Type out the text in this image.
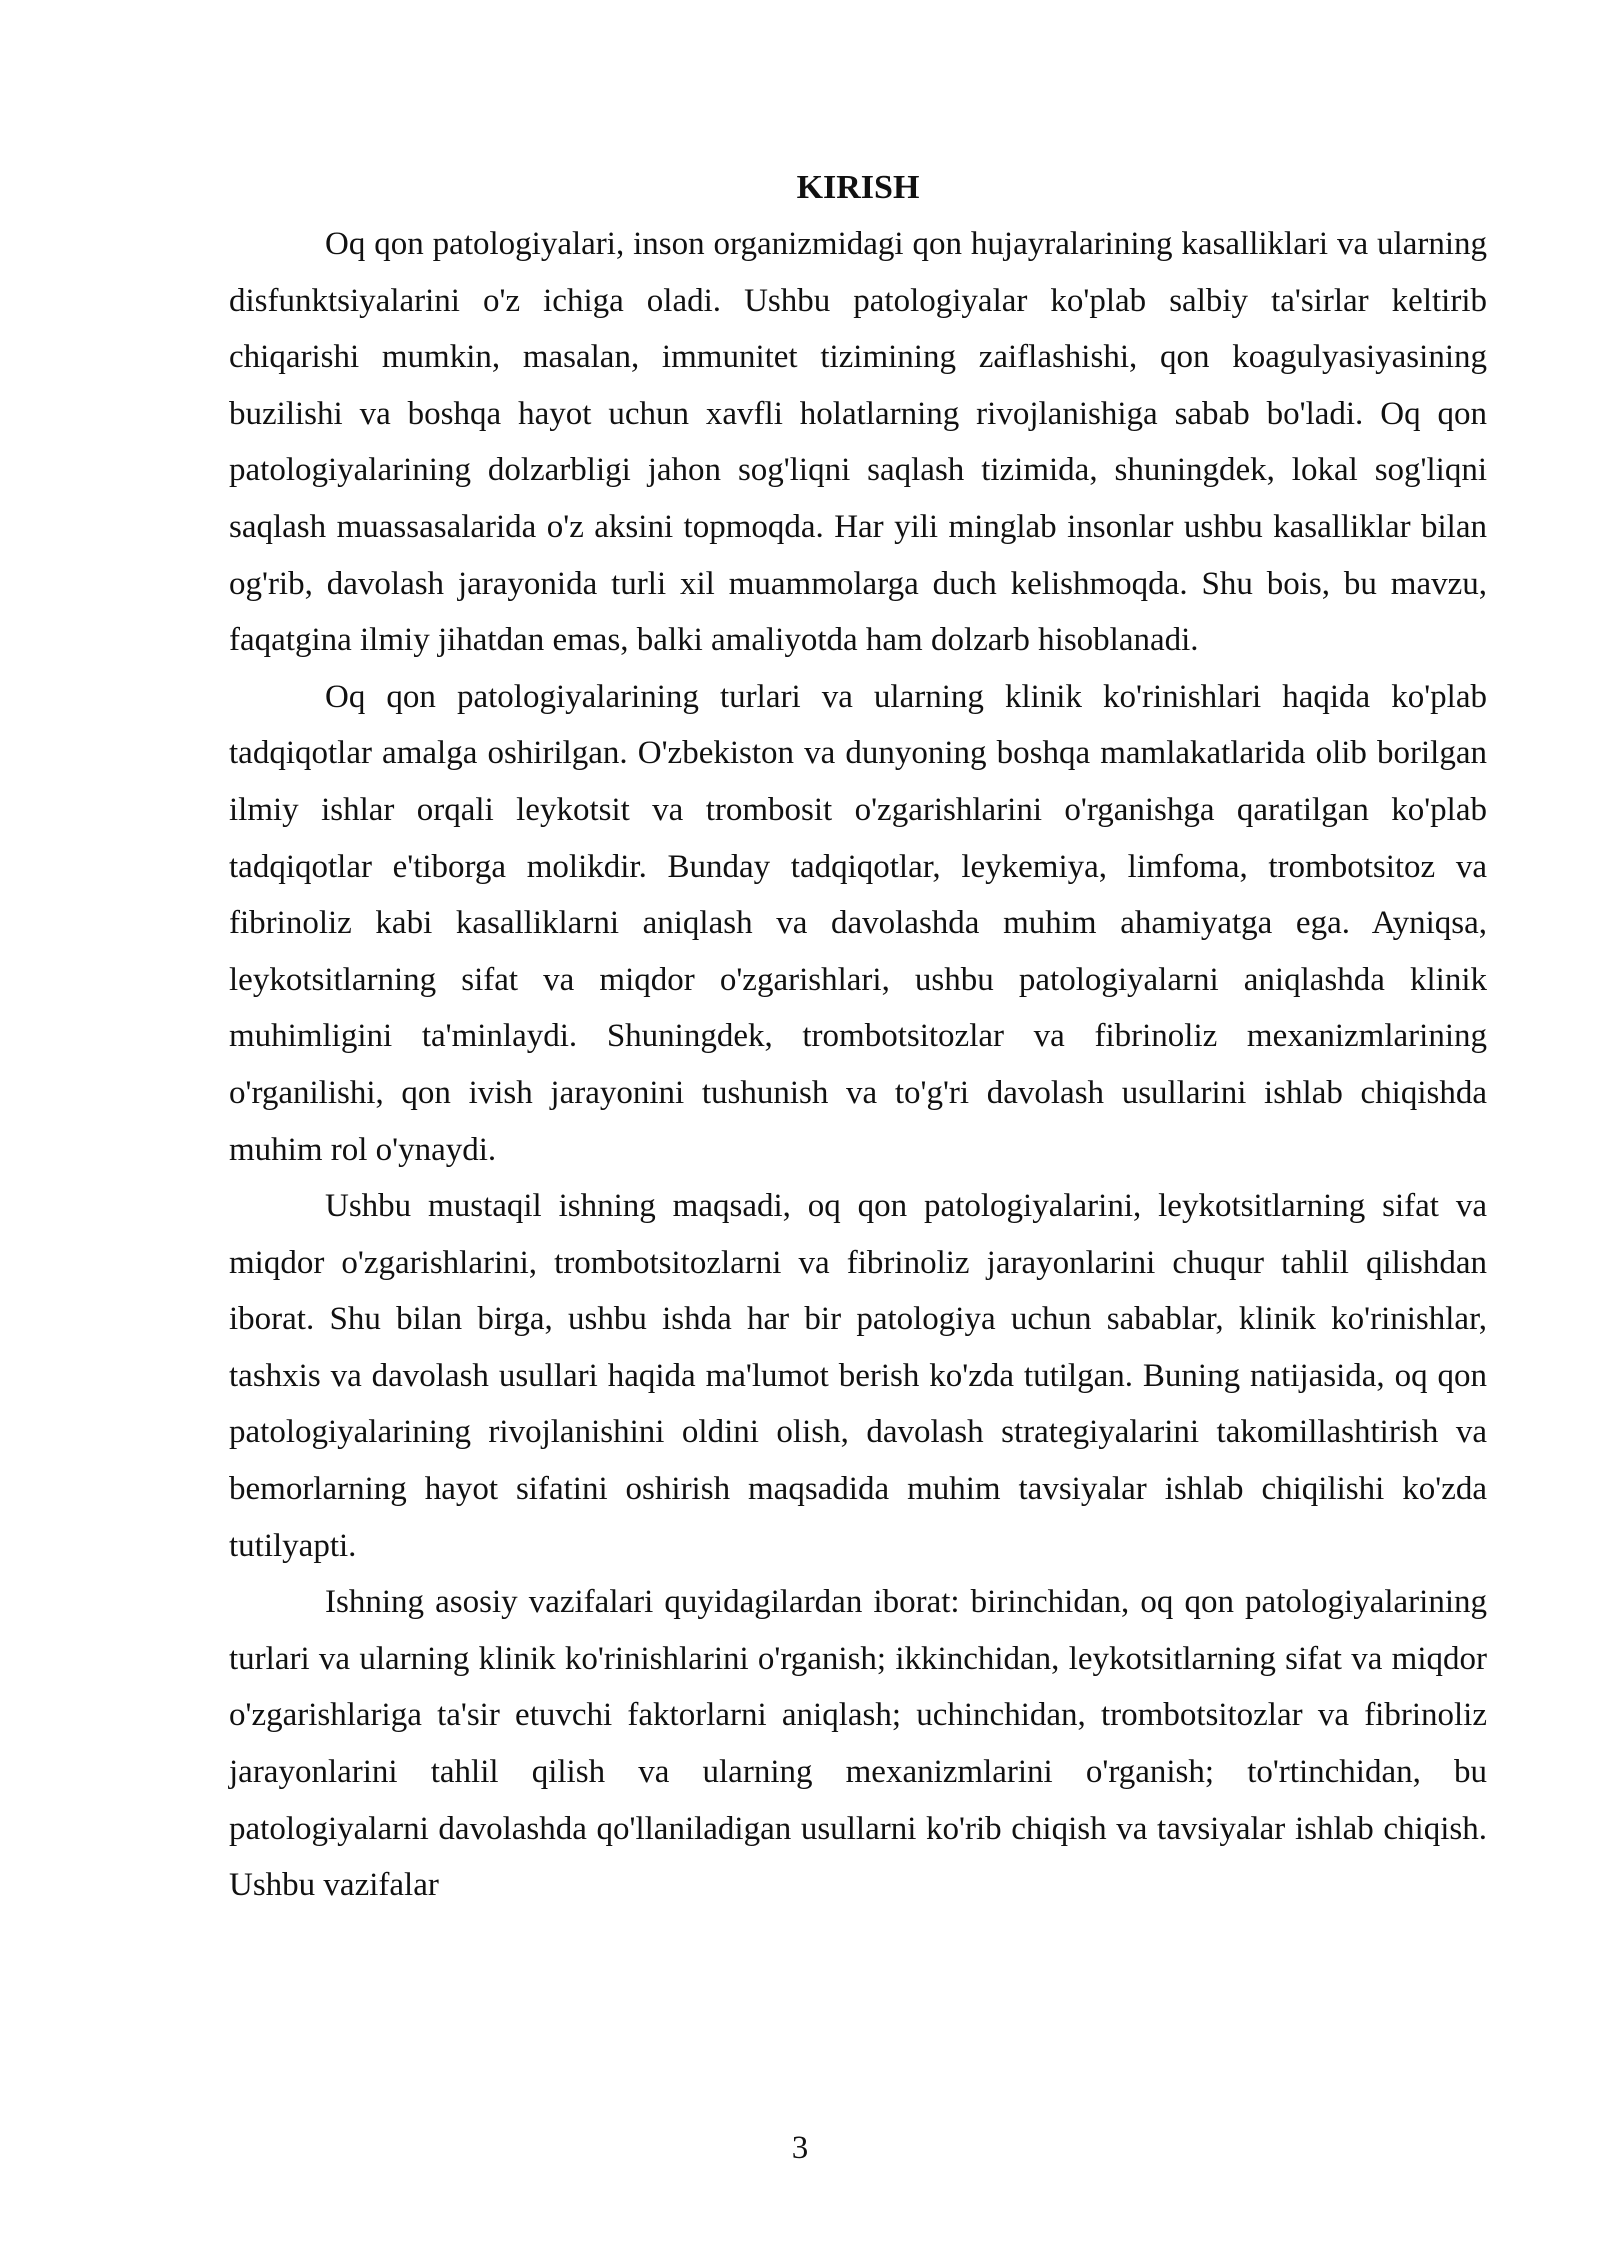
KIRISH

Oq qon patologiyalari, inson organizmidagi qon hujayralarining kasalliklari va ularning disfunktsiyalarini o'z ichiga oladi. Ushbu patologiyalar ko'plab salbiy ta'sirlar keltirib chiqarishi mumkin, masalan, immunitet tizimining zaiflashishi, qon koagulyasiyasining buzilishi va boshqa hayot uchun xavfli holatlarning rivojlanishiga sabab bo'ladi. Oq qon patologiyalarining dolzarbligi jahon sog'liqni saqlash tizimida, shuningdek, lokal sog'liqni saqlash muassasalarida o'z aksini topmoqda. Har yili minglab insonlar ushbu kasalliklar bilan og'rib, davolash jarayonida turli xil muammolarga duch kelishmoqda. Shu bois, bu mavzu, faqatgina ilmiy jihatdan emas, balki amaliyotda ham dolzarb hisoblanadi.

Oq qon patologiyalarining turlari va ularning klinik ko'rinishlari haqida ko'plab tadqiqotlar amalga oshirilgan. O'zbekiston va dunyoning boshqa mamlakatlarida olib borilgan ilmiy ishlar orqali leykotsit va trombosit o'zgarishlarini o'rganishga qaratilgan ko'plab tadqiqotlar e'tiborga molikdir. Bunday tadqiqotlar, leykemiya, limfoma, trombotsitoz va fibrinoliz kabi kasalliklarni aniqlash va davolashda muhim ahamiyatga ega. Ayniqsa, leykotsitlarning sifat va miqdor o'zgarishlari, ushbu patologiyalarni aniqlashda klinik muhimligini ta'minlaydi. Shuningdek, trombotsitozlar va fibrinoliz mexanizmlarining o'rganilishi, qon ivish jarayonini tushunish va to'g'ri davolash usullarini ishlab chiqishda muhim rol o'ynaydi.

Ushbu mustaqil ishning maqsadi, oq qon patologiyalarini, leykotsitlarning sifat va miqdor o'zgarishlarini, trombotsitozlarni va fibrinoliz jarayonlarini chuqur tahlil qilishdan iborat. Shu bilan birga, ushbu ishda har bir patologiya uchun sabablar, klinik ko'rinishlar, tashxis va davolash usullari haqida ma'lumot berish ko'zda tutilgan. Buning natijasida, oq qon patologiyalarining rivojlanishini oldini olish, davolash strategiyalarini takomillashtirish va bemorlarning hayot sifatini oshirish maqsadida muhim tavsiyalar ishlab chiqilishi ko'zda tutilyapti.

Ishning asosiy vazifalari quyidagilardan iborat: birinchidan, oq qon patologiyalarining turlari va ularning klinik ko'rinishlarini o'rganish; ikkinchidan, leykotsitlarning sifat va miqdor o'zgarishlariga ta'sir etuvchi faktorlarni aniqlash; uchinchidan, trombotsitozlar va fibrinoliz jarayonlarini tahlil qilish va ularning mexanizmlarini o'rganish; to'rtinchidan, bu patologiyalarni davolashda qo'llaniladigan usullarni ko'rib chiqish va tavsiyalar ishlab chiqish. Ushbu vazifalar

3
